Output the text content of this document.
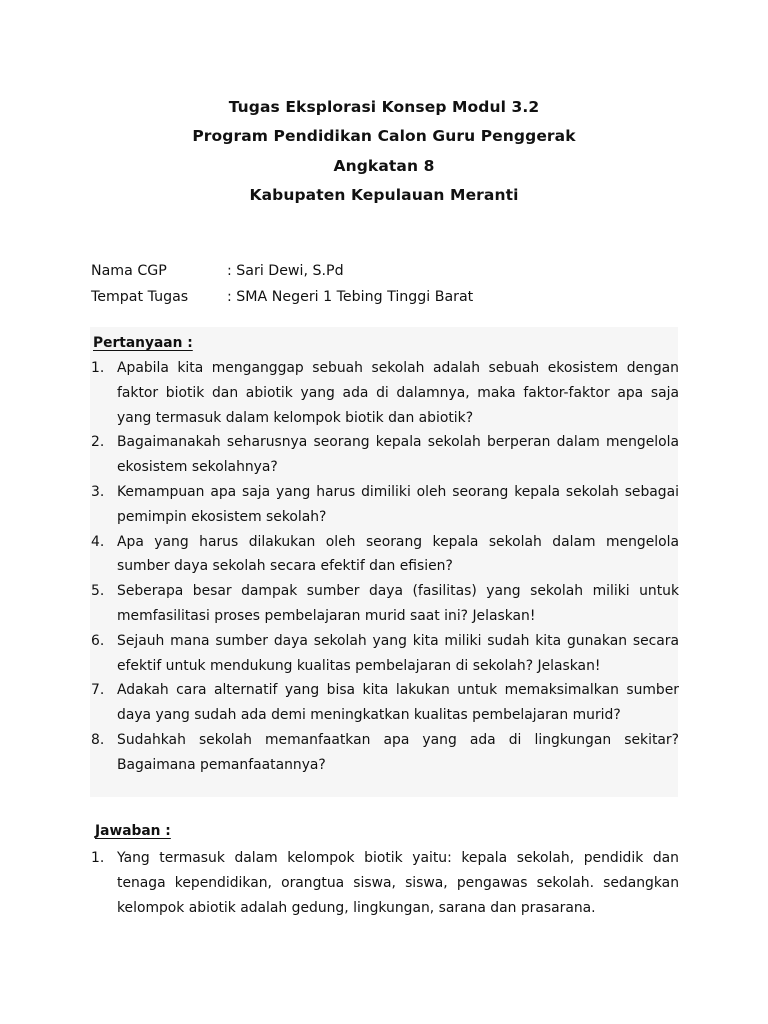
Tugas Eksplorasi Konsep Modul 3.2
Program Pendidikan Calon Guru Penggerak
Angkatan 8
Kabupaten Kepulauan Meranti
Nama CGP	: Sari Dewi, S.Pd
Tempat Tugas	: SMA Negeri 1 Tebing Tinggi Barat
Pertanyaan :
1. Apabila kita menganggap sebuah sekolah adalah sebuah ekosistem dengan faktor biotik dan abiotik yang ada di dalamnya, maka faktor-faktor apa saja yang termasuk dalam kelompok biotik dan abiotik?
2. Bagaimanakah seharusnya seorang kepala sekolah berperan dalam mengelola ekosistem sekolahnya?
3. Kemampuan apa saja yang harus dimiliki oleh seorang kepala sekolah sebagai pemimpin ekosistem sekolah?
4. Apa yang harus dilakukan oleh seorang kepala sekolah dalam mengelola sumber daya sekolah secara efektif dan efisien?
5. Seberapa besar dampak sumber daya (fasilitas) yang sekolah miliki untuk memfasilitasi proses pembelajaran murid saat ini? Jelaskan!
6. Sejauh mana sumber daya sekolah yang kita miliki sudah kita gunakan secara efektif untuk mendukung kualitas pembelajaran di sekolah? Jelaskan!
7. Adakah cara alternatif yang bisa kita lakukan untuk memaksimalkan sumber daya yang sudah ada demi meningkatkan kualitas pembelajaran murid?
8. Sudahkah sekolah memanfaatkan apa yang ada di lingkungan sekitar? Bagaimana pemanfaatannya?
Jawaban :
1. Yang termasuk dalam kelompok biotik yaitu: kepala sekolah, pendidik dan tenaga kependidikan, orangtua siswa, siswa, pengawas sekolah. sedangkan kelompok abiotik adalah gedung, lingkungan, sarana dan prasarana.
